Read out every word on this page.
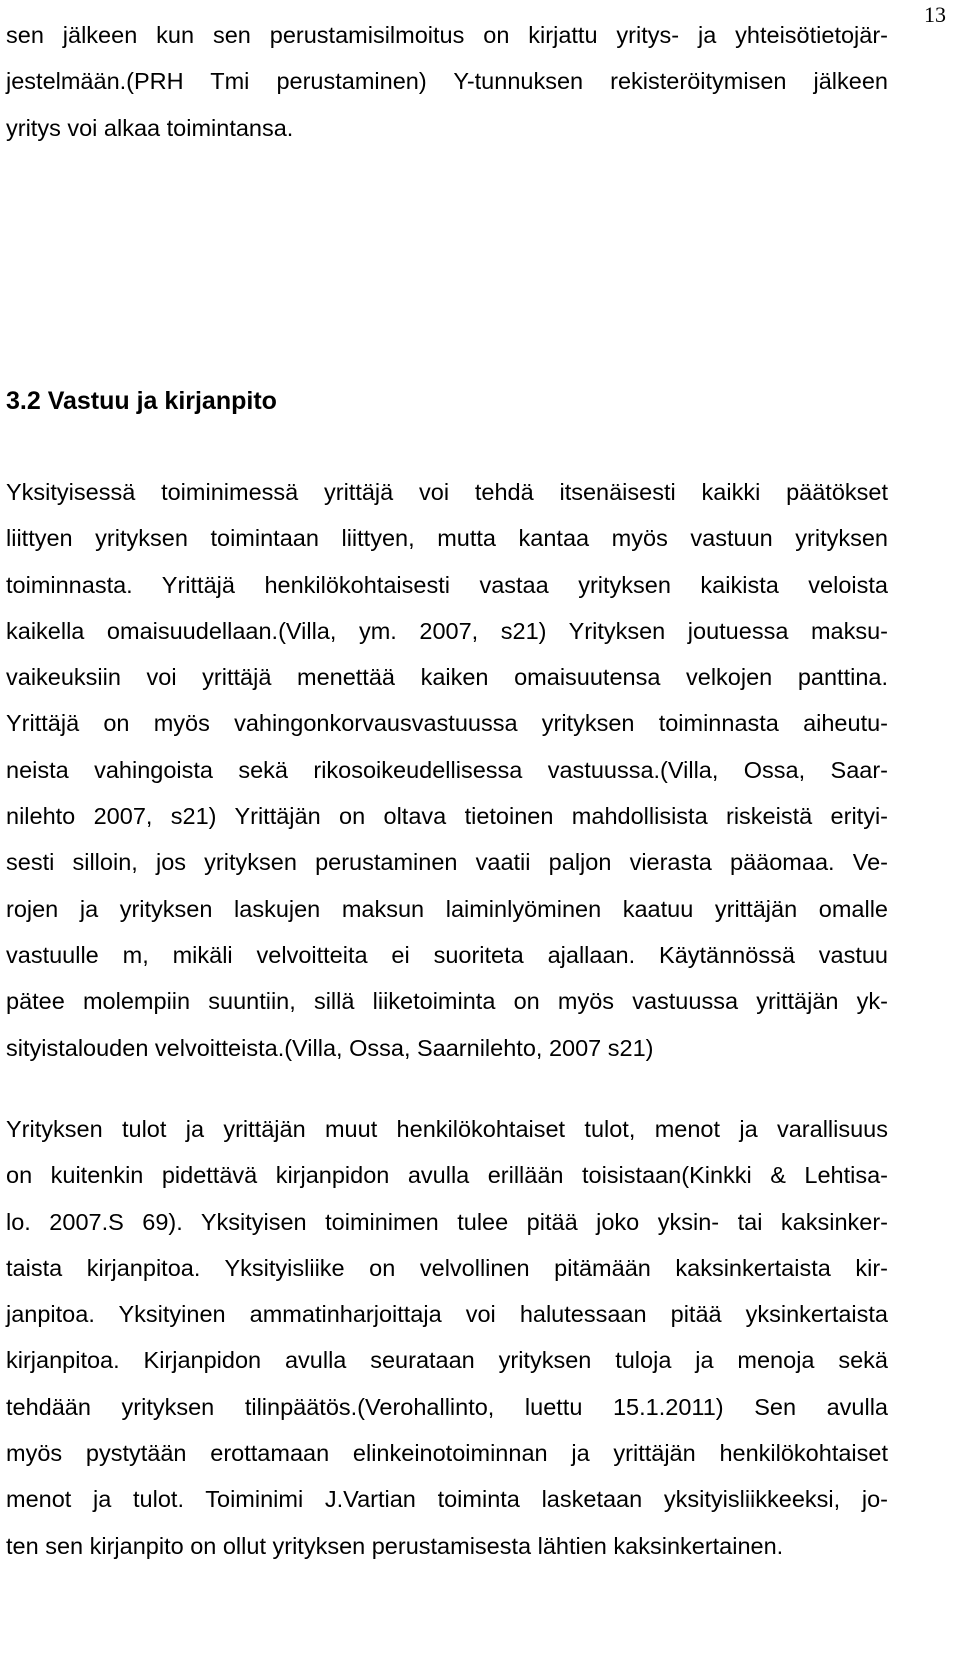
13
sen jälkeen kun sen perustamisilmoitus on kirjattu yritys- ja yhteisötietojär-
jestelmään.(PRH Tmi perustaminen) Y-tunnuksen rekisteröitymisen jälkeen
yritys voi alkaa toimintansa.
3.2 Vastuu ja kirjanpito
Yksityisessä toiminimessä yrittäjä voi tehdä itsenäisesti kaikki päätökset
liittyen yrityksen toimintaan liittyen, mutta kantaa myös vastuun yrityksen
toiminnasta. Yrittäjä henkilökohtaisesti vastaa yrityksen kaikista veloista
kaikella omaisuudellaan.(Villa, ym. 2007, s21) Yrityksen joutuessa maksu-
vaikeuksiin voi yrittäjä menettää kaiken omaisuutensa velkojen panttina.
Yrittäjä on myös vahingonkorvausvastuussa yrityksen toiminnasta aiheutu-
neista vahingoista sekä rikosoikeudellisessa vastuussa.(Villa, Ossa, Saar-
nilehto 2007, s21) Yrittäjän on oltava tietoinen mahdollisista riskeistä erityi-
sesti silloin, jos yrityksen perustaminen vaatii paljon vierasta pääomaa. Ve-
rojen ja yrityksen laskujen maksun laiminlyöminen kaatuu yrittäjän omalle
vastuulle m, mikäli velvoitteita ei suoriteta ajallaan. Käytännössä vastuu
pätee molempiin suuntiin, sillä liiketoiminta on myös vastuussa yrittäjän yk-
sityistalouden velvoitteista.(Villa, Ossa, Saarnilehto, 2007 s21)
Yrityksen tulot ja yrittäjän muut henkilökohtaiset tulot, menot ja varallisuus
on kuitenkin pidettävä kirjanpidon avulla erillään toisistaan(Kinkki & Lehtisa-
lo. 2007.S 69). Yksityisen toiminimen tulee pitää joko yksin- tai kaksinker-
taista kirjanpitoa. Yksityisliike on velvollinen pitämään kaksinkertaista kir-
janpitoa. Yksityinen ammatinharjoittaja voi halutessaan pitää yksinkertaista
kirjanpitoa. Kirjanpidon avulla seurataan yrityksen tuloja ja menoja sekä
tehdään yrityksen tilinpäätös.(Verohallinto, luettu 15.1.2011) Sen avulla
myös pystytään erottamaan elinkeinotoiminnan ja yrittäjän henkilökohtaiset
menot ja tulot. Toiminimi J.Vartian toiminta lasketaan yksityisliikkeeksi, jo-
ten sen kirjanpito on ollut yrityksen perustamisesta lähtien kaksinkertainen.
